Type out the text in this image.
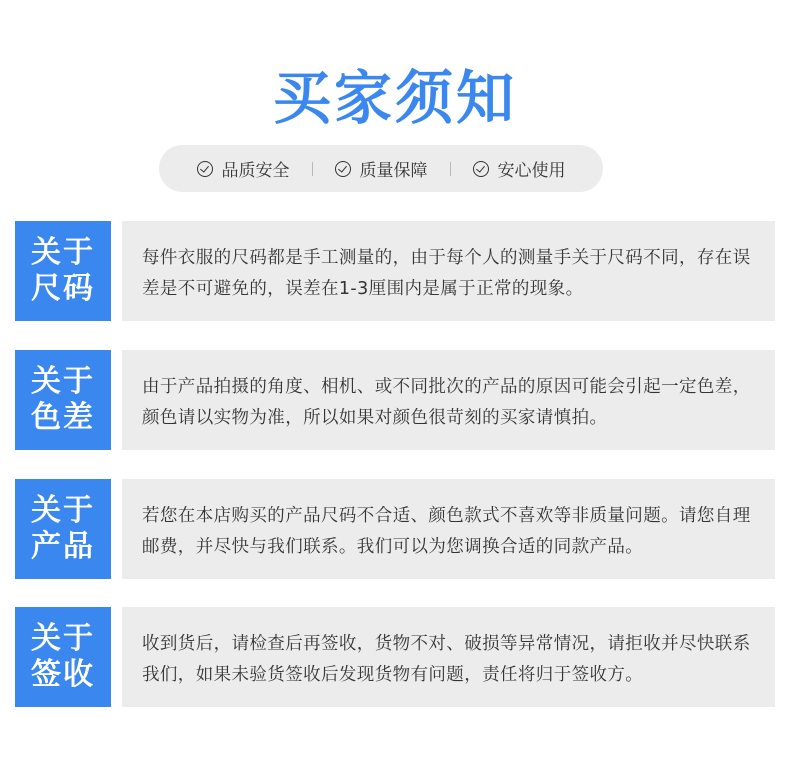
买家须知
品质安全	质量保障	安心使用
关于
尺码
每件衣服的尺码都是手工测量的，由于每个人的测量手关于尺码不同，存在误差是不可避免的，误差在1-3厘围内是属于正常的现象。
关于
色差
由于产品拍摄的角度、相机、或不同批次的产品的原因可能会引起一定色差，颜色请以实物为准，所以如果对颜色很苛刻的买家请慎拍。
关于
产品
若您在本店购买的产品尺码不合适、颜色款式不喜欢等非质量问题。请您自理邮费，并尽快与我们联系。我们可以为您调换合适的同款产品。
关于
签收
收到货后，请检查后再签收，货物不对、破损等异常情况，请拒收并尽快联系我们，如果未验货签收后发现货物有问题，责任将归于签收方。
